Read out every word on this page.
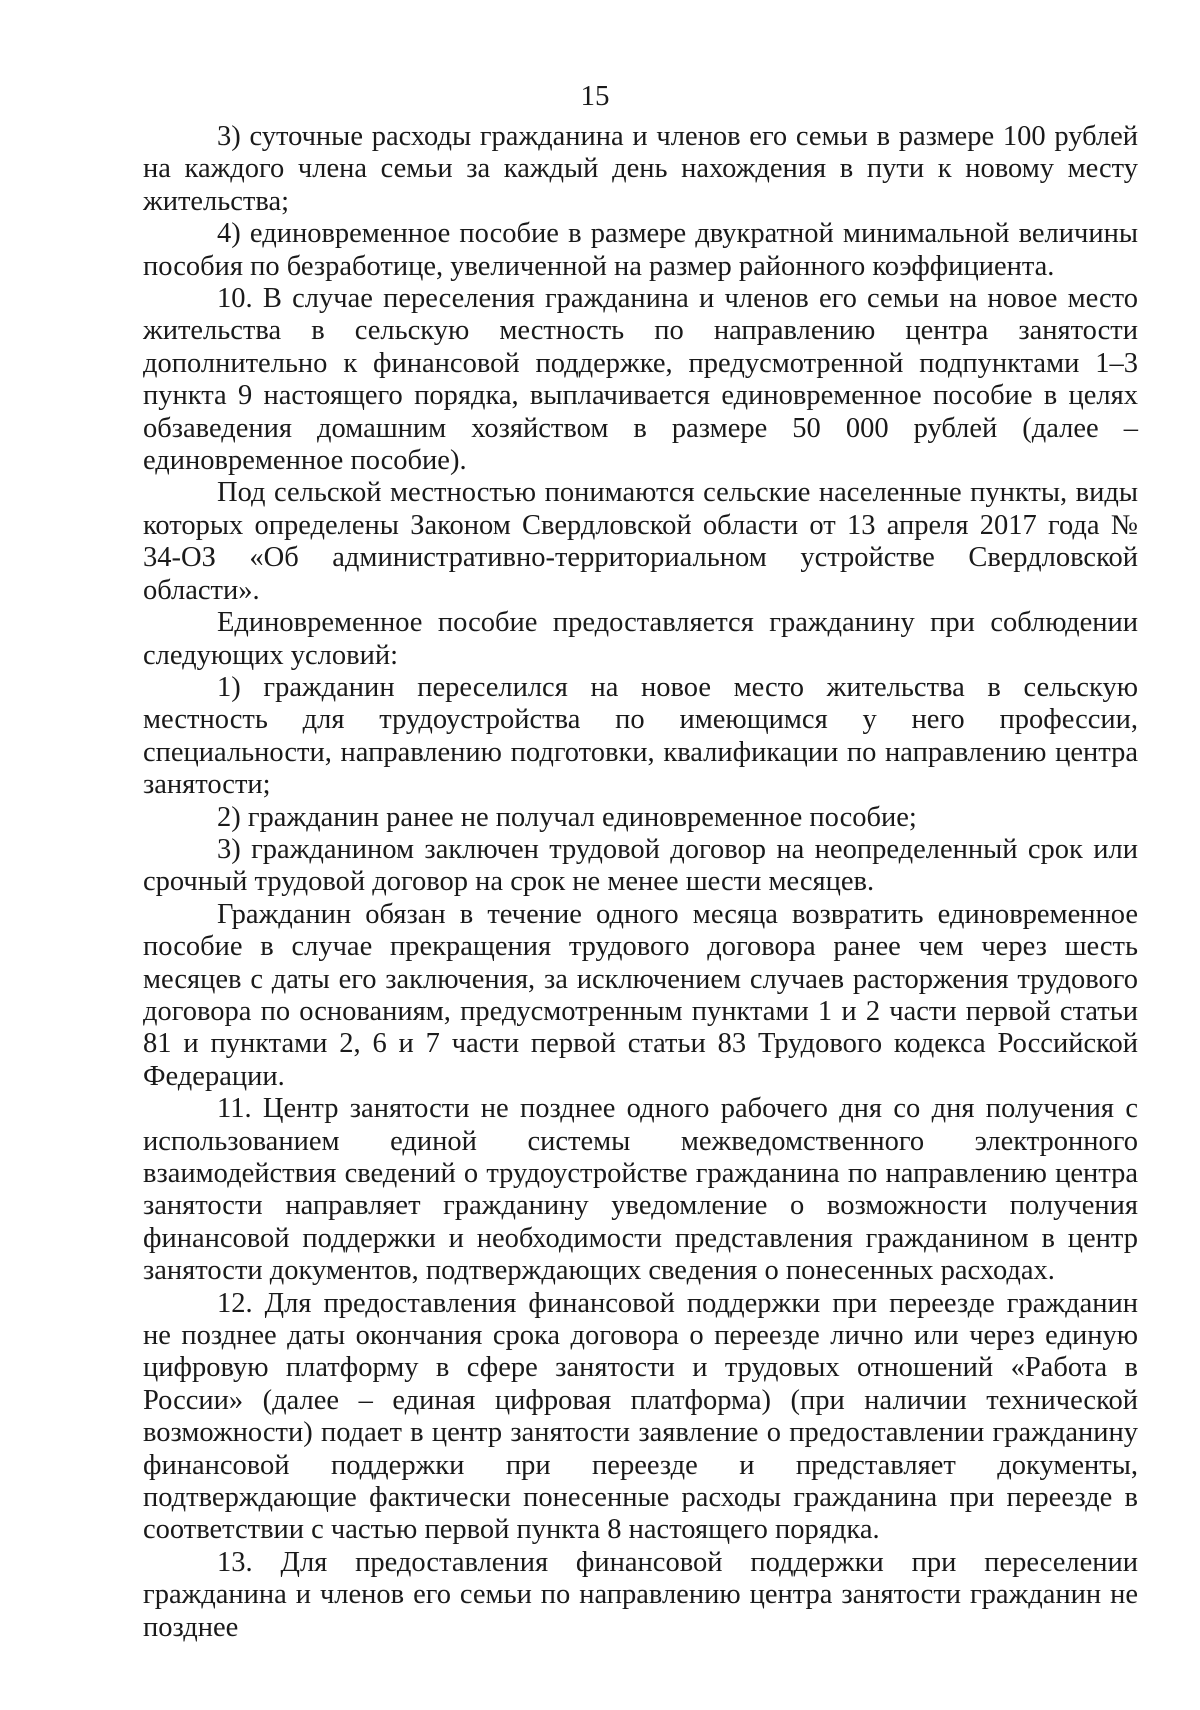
15

3) суточные расходы гражданина и членов его семьи в размере 100 рублей на каждого члена семьи за каждый день нахождения в пути к новому месту жительства;

4) единовременное пособие в размере двукратной минимальной величины пособия по безработице, увеличенной на размер районного коэффициента.

10. В случае переселения гражданина и членов его семьи на новое место жительства в сельскую местность по направлению центра занятости дополнительно к финансовой поддержке, предусмотренной подпунктами 1–3 пункта 9 настоящего порядка, выплачивается единовременное пособие в целях обзаведения домашним хозяйством в размере 50 000 рублей (далее – единовременное пособие).

Под сельской местностью понимаются сельские населенные пункты, виды которых определены Законом Свердловской области от 13 апреля 2017 года № 34-ОЗ «Об административно-территориальном устройстве Свердловской области».

Единовременное пособие предоставляется гражданину при соблюдении следующих условий:

1) гражданин переселился на новое место жительства в сельскую местность для трудоустройства по имеющимся у него профессии, специальности, направлению подготовки, квалификации по направлению центра занятости;

2) гражданин ранее не получал единовременное пособие;

3) гражданином заключен трудовой договор на неопределенный срок или срочный трудовой договор на срок не менее шести месяцев.

Гражданин обязан в течение одного месяца возвратить единовременное пособие в случае прекращения трудового договора ранее чем через шесть месяцев с даты его заключения, за исключением случаев расторжения трудового договора по основаниям, предусмотренным пунктами 1 и 2 части первой статьи 81 и пунктами 2, 6 и 7 части первой статьи 83 Трудового кодекса Российской Федерации.

11. Центр занятости не позднее одного рабочего дня со дня получения с использованием единой системы межведомственного электронного взаимодействия сведений о трудоустройстве гражданина по направлению центра занятости направляет гражданину уведомление о возможности получения финансовой поддержки и необходимости представления гражданином в центр занятости документов, подтверждающих сведения о понесенных расходах.

12. Для предоставления финансовой поддержки при переезде гражданин не позднее даты окончания срока договора о переезде лично или через единую цифровую платформу в сфере занятости и трудовых отношений «Работа в России» (далее – единая цифровая платформа) (при наличии технической возможности) подает в центр занятости заявление о предоставлении гражданину финансовой поддержки при переезде и представляет документы, подтверждающие фактически понесенные расходы гражданина при переезде в соответствии с частью первой пункта 8 настоящего порядка.

13. Для предоставления финансовой поддержки при переселении гражданина и членов его семьи по направлению центра занятости гражданин не позднее
